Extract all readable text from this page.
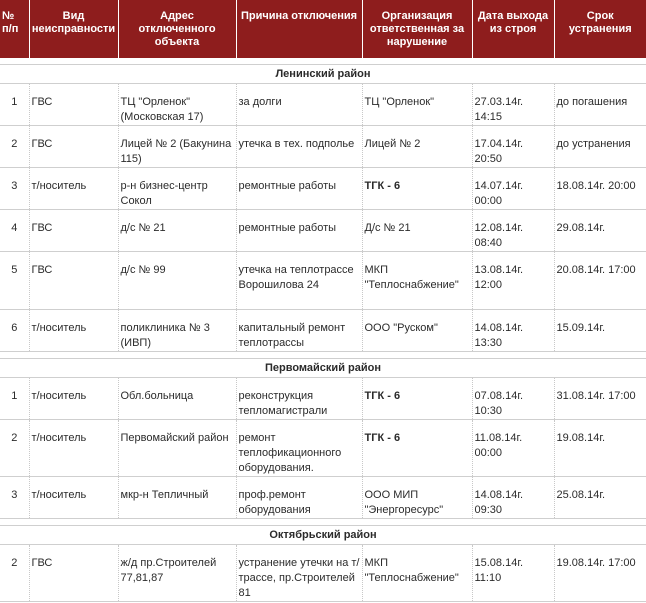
№ п/п	Вид неисправности	Адрес отключенного объекта	Причина отключения	Организация ответственная за нарушение	Дата выхода из строя	Срок устранения

Ленинский район						
1	ГВС	ТЦ "Орленок" (Московская 17)	за долги	ТЦ "Орленок"	27.03.14г. 14:15	до погашения
2	ГВС	Лицей № 2 (Бакунина 115)	утечка в тех. подполье	Лицей № 2	17.04.14г. 20:50	до устранения
3	т/носитель	р-н бизнес-центр Сокол	ремонтные работы	ТГК - 6	14.07.14г. 00:00	18.08.14г. 20:00
4	ГВС	д/с № 21	ремонтные работы	Д/с № 21	12.08.14г. 08:40	29.08.14г.
5	ГВС	д/с № 99	утечка на теплотрассе Ворошилова 24	МКП "Теплоснабжение"	13.08.14г. 12:00	20.08.14г. 17:00
6	т/носитель	поликлиника № 3 (ИВП)	капитальный ремонт теплотрассы	ООО "Руском"	14.08.14г. 13:30	15.09.14г.

Первомайский район						
1	т/носитель	Обл.больница	реконструкция тепломагистрали	ТГК - 6	07.08.14г. 10:30	31.08.14г. 17:00
2	т/носитель	Первомайский район	ремонт теплофикационного оборудования.	ТГК - 6	11.08.14г. 00:00	19.08.14г.
3	т/носитель	мкр-н Тепличный	проф.ремонт оборудования	ООО МИП "Энергоресурс"	14.08.14г. 09:30	25.08.14г.

Октябрьский район						
2	ГВС	ж/д пр.Строителей 77,81,87	устранение утечки на т/трассе, пр.Строителей 81	МКП "Теплоснабжение"	15.08.14г. 11:10	19.08.14г. 17:00
